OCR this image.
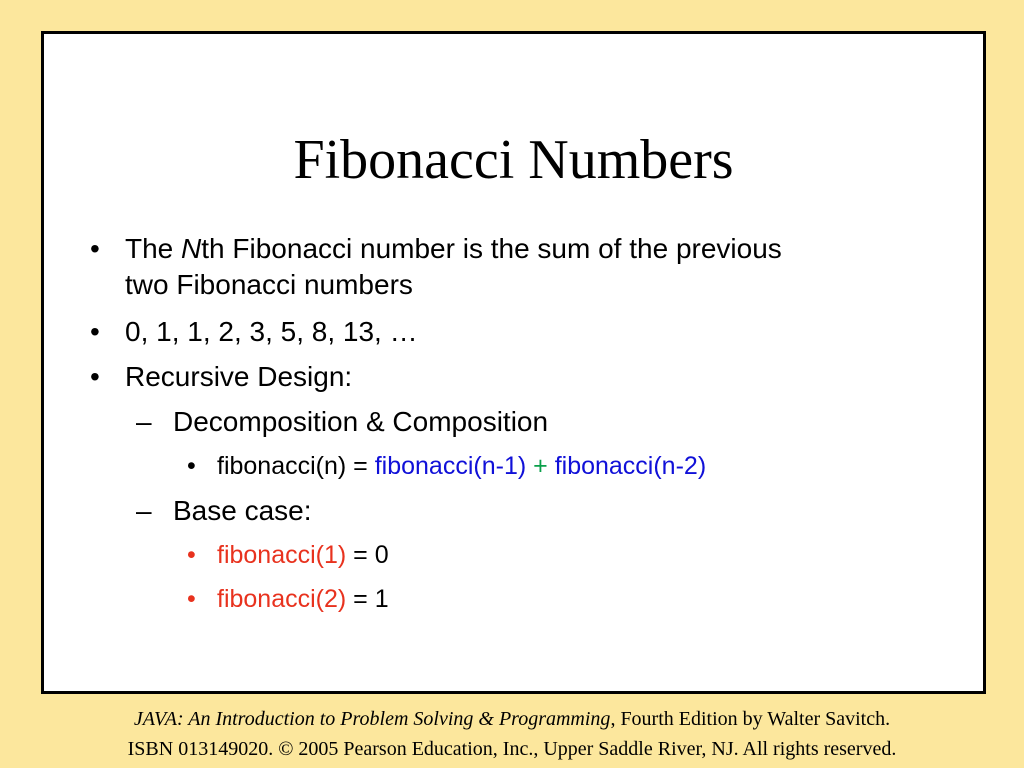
Fibonacci Numbers
• The Nth Fibonacci number is the sum of the previous
two Fibonacci numbers
• 0, 1, 1, 2, 3, 5, 8, 13, …
• Recursive Design:
– Decomposition & Composition
• fibonacci(n) = fibonacci(n-1) + fibonacci(n-2)
– Base case:
• fibonacci(1) = 0
• fibonacci(2) = 1
JAVA: An Introduction to Problem Solving & Programming, Fourth Edition by Walter Savitch.
ISBN 013149020. © 2005 Pearson Education, Inc., Upper Saddle River, NJ. All rights reserved.
